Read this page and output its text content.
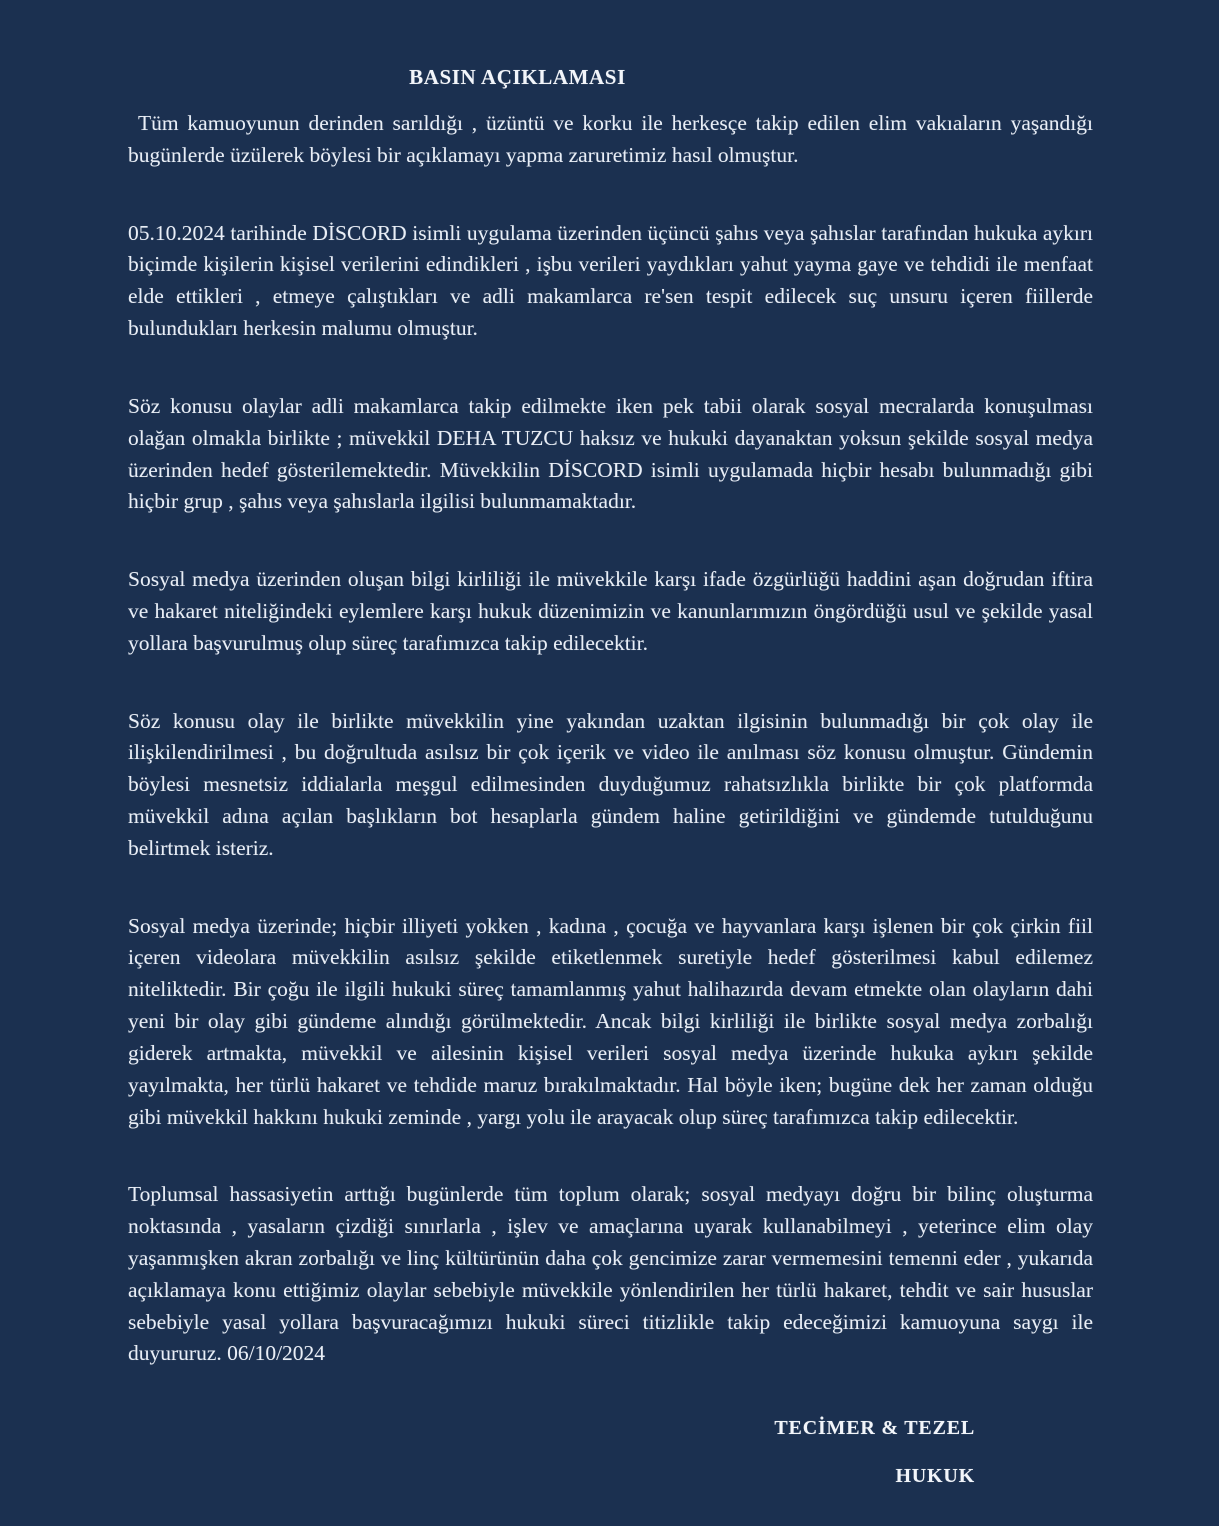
BASIN AÇIKLAMASI

Tüm kamuoyunun derinden sarıldığı , üzüntü ve korku ile herkesçe takip edilen elim vakıaların yaşandığı bugünlerde üzülerek böylesi bir açıklamayı yapma zaruretimiz hasıl olmuştur.

05.10.2024 tarihinde DİSCORD isimli uygulama üzerinden üçüncü şahıs veya şahıslar tarafından hukuka aykırı biçimde kişilerin kişisel verilerini edindikleri , işbu verileri yaydıkları yahut yayma gaye ve tehdidi ile menfaat elde ettikleri , etmeye çalıştıkları ve adli makamlarca re'sen tespit edilecek suç unsuru içeren fiillerde bulundukları herkesin malumu olmuştur.

Söz konusu olaylar adli makamlarca takip edilmekte iken pek tabii olarak sosyal mecralarda konuşulması olağan olmakla birlikte ; müvekkil DEHA TUZCU haksız ve hukuki dayanaktan yoksun şekilde sosyal medya üzerinden hedef gösterilemektedir. Müvekkilin DİSCORD isimli uygulamada hiçbir hesabı bulunmadığı gibi hiçbir grup , şahıs veya şahıslarla ilgilisi bulunmamaktadır.

Sosyal medya üzerinden oluşan bilgi kirliliği ile müvekkile karşı ifade özgürlüğü haddini aşan doğrudan iftira ve hakaret niteliğindeki eylemlere karşı hukuk düzenimizin ve kanunlarımızın öngördüğü usul ve şekilde yasal yollara başvurulmuş olup süreç tarafımızca takip edilecektir.

Söz konusu olay ile birlikte müvekkilin yine yakından uzaktan ilgisinin bulunmadığı bir çok olay ile ilişkilendirilmesi , bu doğrultuda asılsız bir çok içerik ve video ile anılması söz konusu olmuştur. Gündemin böylesi mesnetsiz iddialarla meşgul edilmesinden duyduğumuz rahatsızlıkla birlikte bir çok platformda müvekkil adına açılan başlıkların bot hesaplarla gündem haline getirildiğini ve gündemde tutulduğunu belirtmek isteriz.

Sosyal medya üzerinde; hiçbir illiyeti yokken , kadına , çocuğa ve hayvanlara karşı işlenen bir çok çirkin fiil içeren videolara müvekkilin asılsız şekilde etiketlenmek suretiyle hedef gösterilmesi kabul edilemez niteliktedir. Bir çoğu ile ilgili hukuki süreç tamamlanmış yahut halihazırda devam etmekte olan olayların dahi yeni bir olay gibi gündeme alındığı görülmektedir. Ancak bilgi kirliliği ile birlikte sosyal medya zorbalığı giderek artmakta, müvekkil ve ailesinin kişisel verileri sosyal medya üzerinde hukuka aykırı şekilde yayılmakta, her türlü hakaret ve tehdide maruz bırakılmaktadır. Hal böyle iken; bugüne dek her zaman olduğu gibi müvekkil hakkını hukuki zeminde , yargı yolu ile arayacak olup süreç tarafımızca takip edilecektir.

Toplumsal hassasiyetin arttığı bugünlerde tüm toplum olarak; sosyal medyayı doğru bir bilinç oluşturma noktasında , yasaların çizdiği sınırlarla , işlev ve amaçlarına uyarak kullanabilmeyi , yeterince elim olay yaşanmışken akran zorbalığı ve linç kültürünün daha çok gencimize zarar vermemesini temenni eder , yukarıda açıklamaya konu ettiğimiz olaylar sebebiyle müvekkile yönlendirilen her türlü hakaret, tehdit ve sair hususlar sebebiyle yasal yollara başvuracağımızı hukuki süreci titizlikle takip edeceğimizi kamuoyuna saygı ile duyururuz. 06/10/2024

TECİMER & TEZEL
HUKUK
